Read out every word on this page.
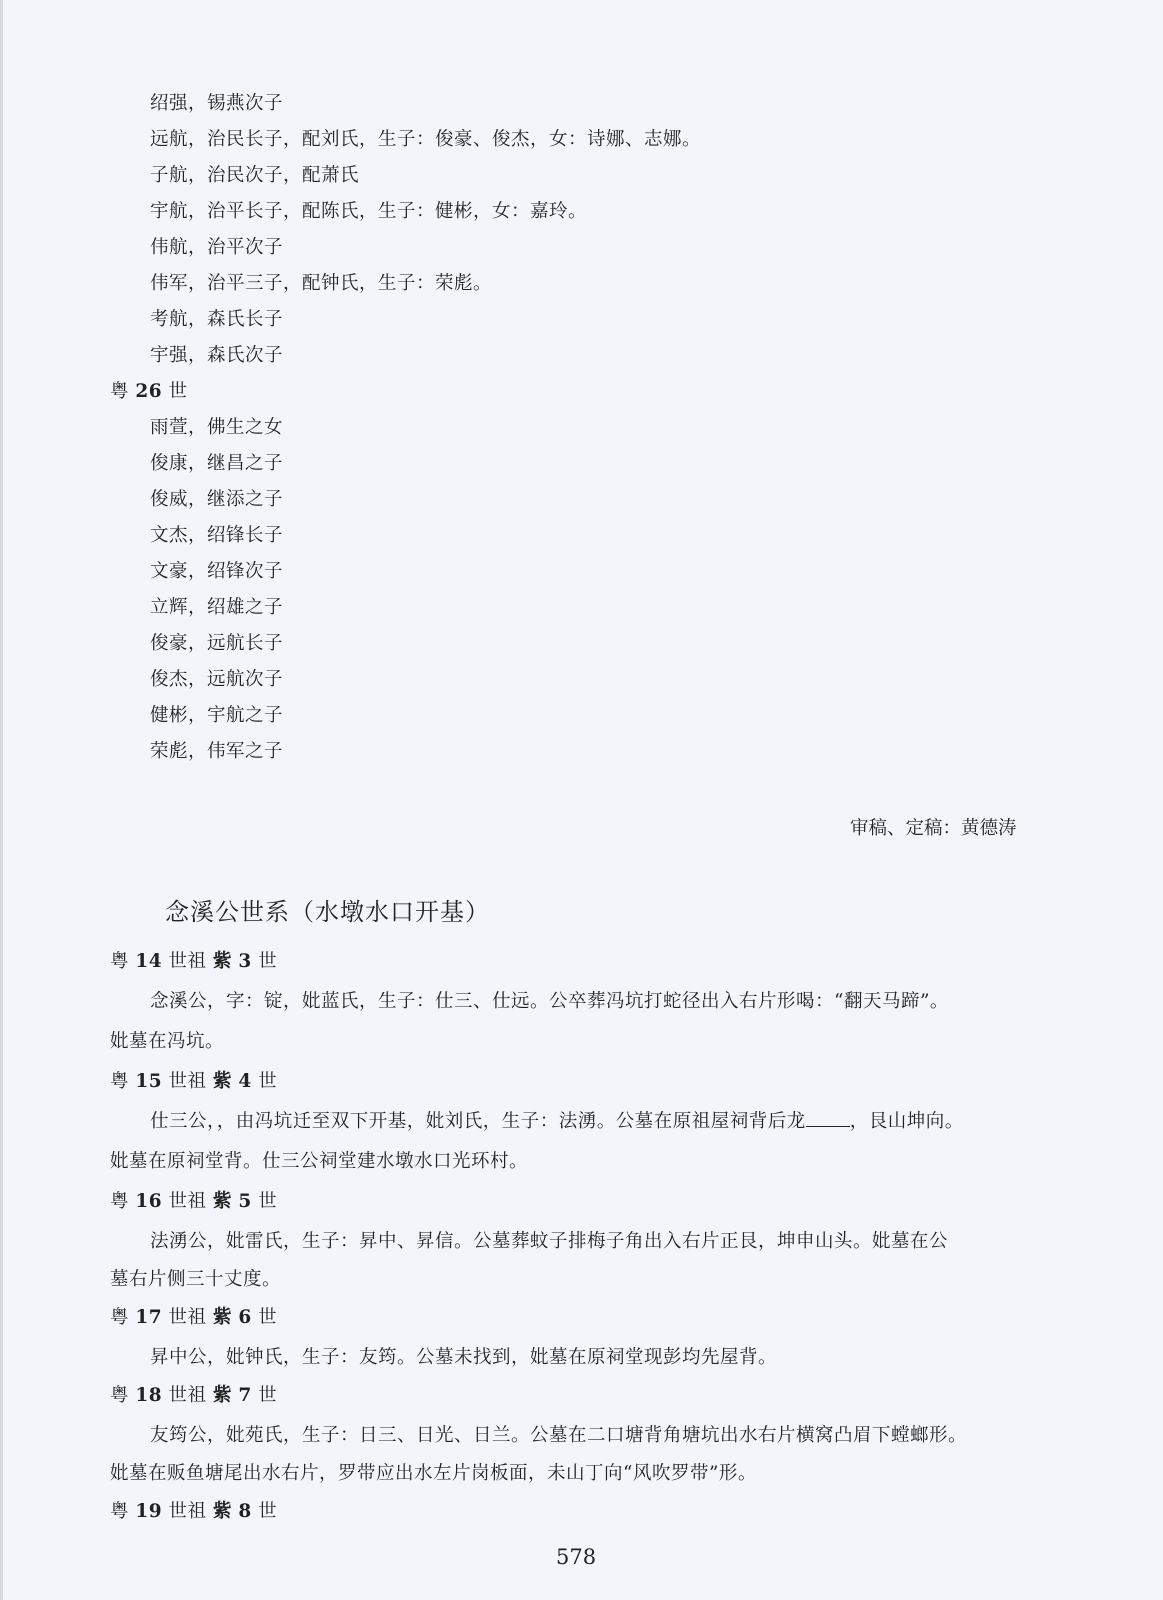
绍强，锡燕次子
远航，治民长子，配刘氏，生子：俊豪、俊杰，女：诗娜、志娜。
子航，治民次子，配萧氏
宇航，治平长子，配陈氏，生子：健彬，女：嘉玲。
伟航，治平次子
伟军，治平三子，配钟氏，生子：荣彪。
考航，森氏长子
宇强，森氏次子
粤 26 世
雨萱，佛生之女
俊康，继昌之子
俊威，继添之子
文杰，绍锋长子
文豪，绍锋次子
立辉，绍雄之子
俊豪，远航长子
俊杰，远航次子
健彬，宇航之子
荣彪，伟军之子
审稿、定稿：黄德涛
念溪公世系（水墩水口开基）
粤 14 世祖 紫 3 世
念溪公，字：锭，妣蓝氏，生子：仕三、仕远。公卒葬冯坑打蛇径出入右片形喝：“翻天马蹄”。
妣墓在冯坑。
粤 15 世祖 紫 4 世
仕三公，，由冯坑迁至双下开基，妣刘氏，生子：法湧。公墓在原祖屋祠背后龙 ，艮山坤向。
妣墓在原祠堂背。仕三公祠堂建水墩水口光环村。
粤 16 世祖 紫 5 世
法湧公，妣雷氏，生子：昇中、昇信。公墓葬蚊子排梅子角出入右片正艮，坤申山头。妣墓在公
墓右片侧三十丈度。
粤 17 世祖 紫 6 世
昇中公，妣钟氏，生子：友筠。公墓未找到，妣墓在原祠堂现彭均先屋背。
粤 18 世祖 紫 7 世
友筠公，妣苑氏，生子：日三、日光、日兰。公墓在二口塘背角塘坑出水右片横窝凸眉下螳螂形。
妣墓在贩鱼塘尾出水右片，罗带应出水左片岗板面，未山丁向“风吹罗带”形。
粤 19 世祖 紫 8 世
578
